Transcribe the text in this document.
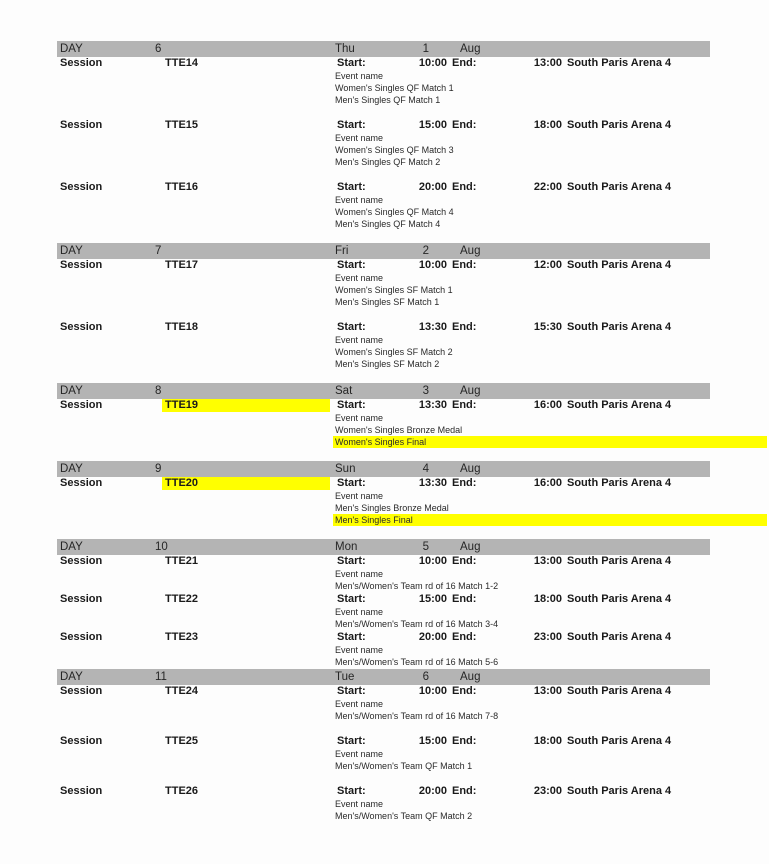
DAY	6	Thu	1	Aug
Session	TTE14	Start:	10:00 End:	13:00 South Paris Arena 4
Event name
Women's Singles QF Match 1
Men's Singles QF Match 1
Session	TTE15	Start:	15:00 End:	18:00 South Paris Arena 4
Event name
Women's Singles QF Match 3
Men's Singles QF Match 2
Session	TTE16	Start:	20:00 End:	22:00 South Paris Arena 4
Event name
Women's Singles QF Match 4
Men's Singles QF Match 4
DAY	7	Fri	2	Aug
Session	TTE17	Start:	10:00 End:	12:00 South Paris Arena 4
Event name
Women's Singles SF Match 1
Men's Singles SF Match 1
Session	TTE18	Start:	13:30 End:	15:30 South Paris Arena 4
Event name
Women's Singles SF Match 2
Men's Singles SF Match 2
DAY	8	Sat	3	Aug
Session	TTE19	Start:	13:30 End:	16:00 South Paris Arena 4
Event name
Women's Singles Bronze Medal
Women's Singles Final
DAY	9	Sun	4	Aug
Session	TTE20	Start:	13:30 End:	16:00 South Paris Arena 4
Event name
Men's Singles Bronze Medal
Men's Singles Final
DAY	10	Mon	5	Aug
Session	TTE21	Start:	10:00 End:	13:00 South Paris Arena 4
Event name
Men's/Women's Team rd of 16 Match 1-2
Session	TTE22	Start:	15:00 End:	18:00 South Paris Arena 4
Event name
Men's/Women's Team rd of 16 Match 3-4
Session	TTE23	Start:	20:00 End:	23:00 South Paris Arena 4
Event name
Men's/Women's Team rd of 16 Match 5-6
DAY	11	Tue	6	Aug
Session	TTE24	Start:	10:00 End:	13:00 South Paris Arena 4
Event name
Men's/Women's Team rd of 16 Match 7-8
Session	TTE25	Start:	15:00 End:	18:00 South Paris Arena 4
Event name
Men's/Women's Team QF Match 1
Session	TTE26	Start:	20:00 End:	23:00 South Paris Arena 4
Event name
Men's/Women's Team QF Match 2
